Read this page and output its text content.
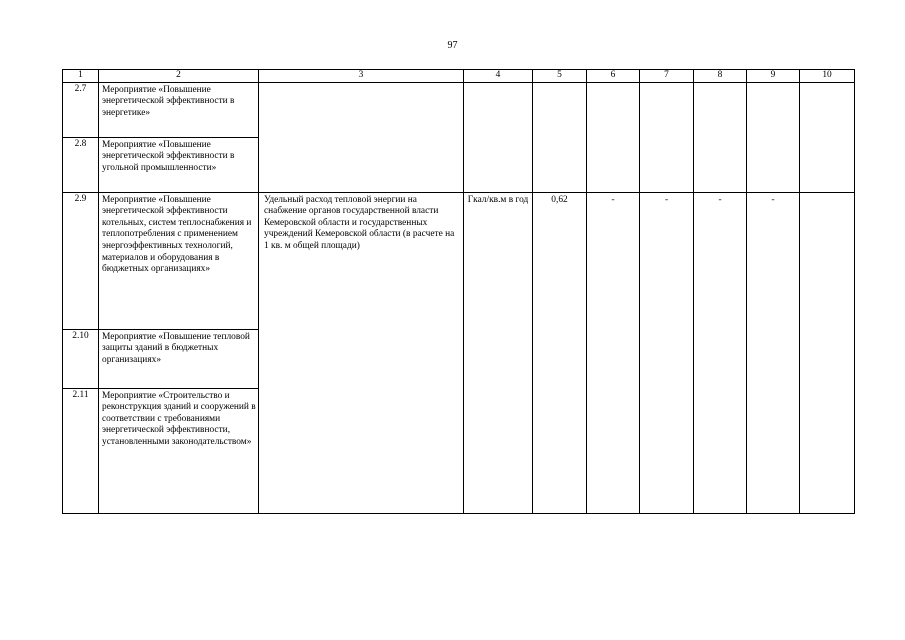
97
1	2	3	4	5	6	7	8	9	10
2.7	Мероприятие «Повышение энергетической эффективности в энергетике»								
2.8	Мероприятие «Повышение энергетической эффективности в угольной промышленности»								
2.9	Мероприятие «Повышение энергетической эффективности котельных, систем теплоснабжения и теплопотребления с применением энергоэффективных технологий, материалов и оборудования в бюджетных организациях»	Удельный расход тепловой энергии на снабжение органов государственной власти Кемеровской области и государственных учреждений Кемеровской области (в расчете на 1 кв. м общей площади)	Гкал/кв.м в год	0,62	-	-	-	-	
2.10	Мероприятие «Повышение тепловой защиты зданий в бюджетных организациях»								
2.11	Мероприятие «Строительство и реконструкция зданий и сооружений в соответствии с требованиями энергетической эффективности, установленными законодательством»								
